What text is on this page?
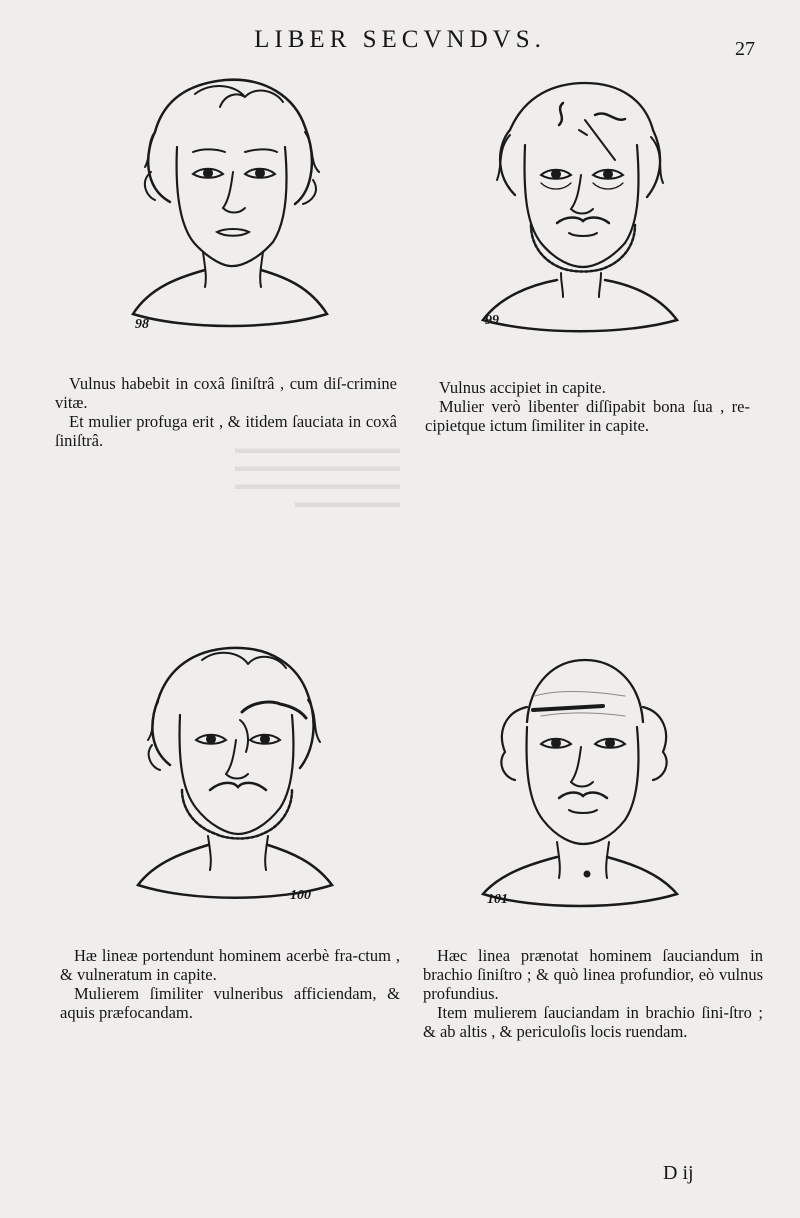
▬▬▬▬▬▬▬▬▬▬▬
▬▬▬▬▬▬▬▬▬▬▬
▬▬▬▬▬▬▬▬▬▬▬
▬▬▬▬▬▬▬
LIBER SECVNDVS.	27
98	99

Vulnus habebit in coxâ ſiniſtrâ , cum diſ-crimine vitæ.

Et mulier profuga erit , & itidem ſauciata in coxâ ſiniſtrâ.

Vulnus accipiet in capite.

Mulier verò libenter diſſipabit bona ſua , re-cipietque ictum ſimiliter in capite.

100	101

Hæ lineæ portendunt hominem acerbè fra-ctum , & vulneratum in capite.

Mulierem ſimiliter vulneribus afficiendam, & aquis præfocandam.

Hæc linea prænotat hominem ſauciandum in brachio ſiniſtro ; & quò linea profundior, eò vulnus profundius.

Item mulierem ſauciandam in brachio ſini-ſtro ; & ab altis , & periculoſis locis ruendam.

D ij
